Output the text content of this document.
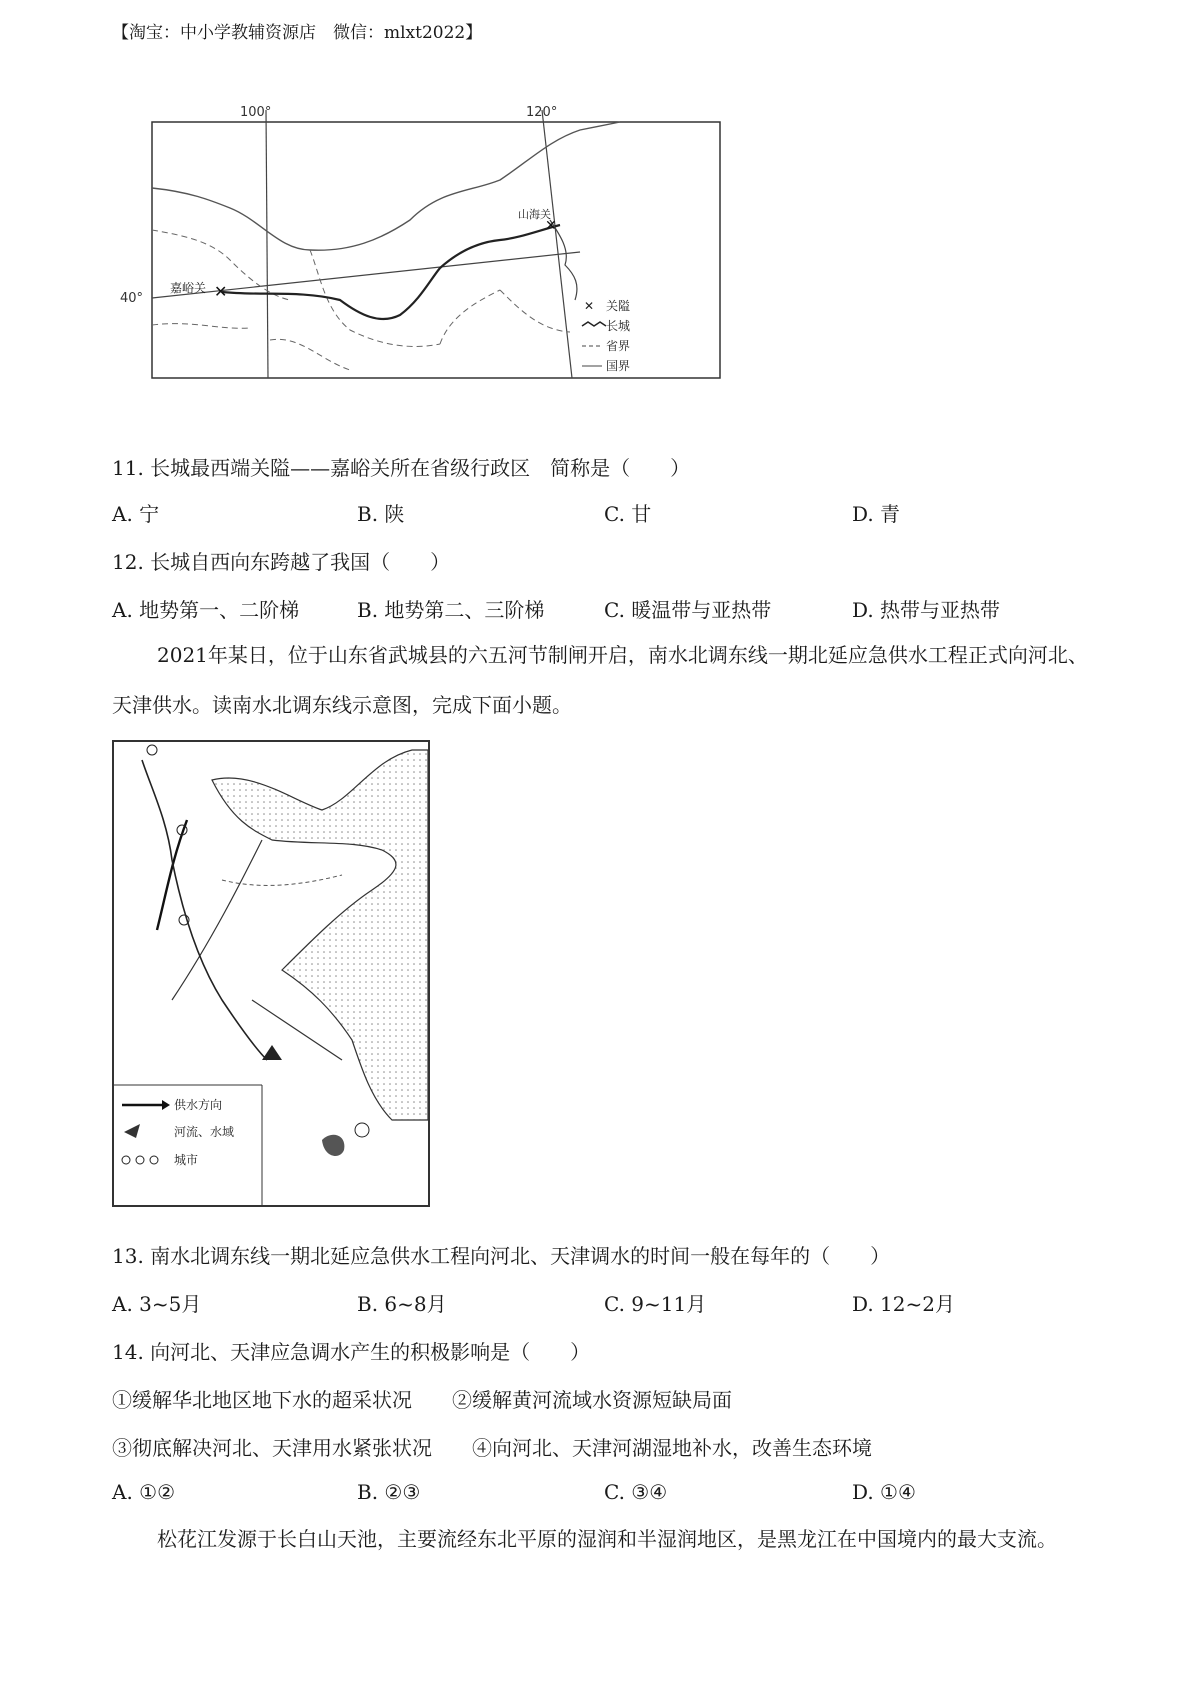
【淘宝：中小学教辅资源店　微信：mlxt2022】
100°	120°
40°	✕
✕
嘉峪关
山海关
✕ 关隘
长城
省界
国界
11. 长城最西端关隘——嘉峪关所在省级行政区　简称是（　　）
A. 宁	B. 陕	C. 甘	D. 青
12. 长城自西向东跨越了我国（　　）
A. 地势第一、二阶梯	B. 地势第二、三阶梯	C. 暖温带与亚热带	D. 热带与亚热带
2021年某日，位于山东省武城县的六五河节制闸开启，南水北调东线一期北延应急供水工程正式向河北、天津供水。读南水北调东线示意图，完成下面小题。
供水方向
河流、水域
城市
13. 南水北调东线一期北延应急供水工程向河北、天津调水的时间一般在每年的（　　）
A. 3~5月	B. 6~8月	C. 9~11月	D. 12~2月
14. 向河北、天津应急调水产生的积极影响是（　　）
①缓解华北地区地下水的超采状况　　②缓解黄河流域水资源短缺局面
③彻底解决河北、天津用水紧张状况　　④向河北、天津河湖湿地补水，改善生态环境
A. ①②	B. ②③	C. ③④	D. ①④
松花江发源于长白山天池，主要流经东北平原的湿润和半湿润地区，是黑龙江在中国境内的最大支流。
